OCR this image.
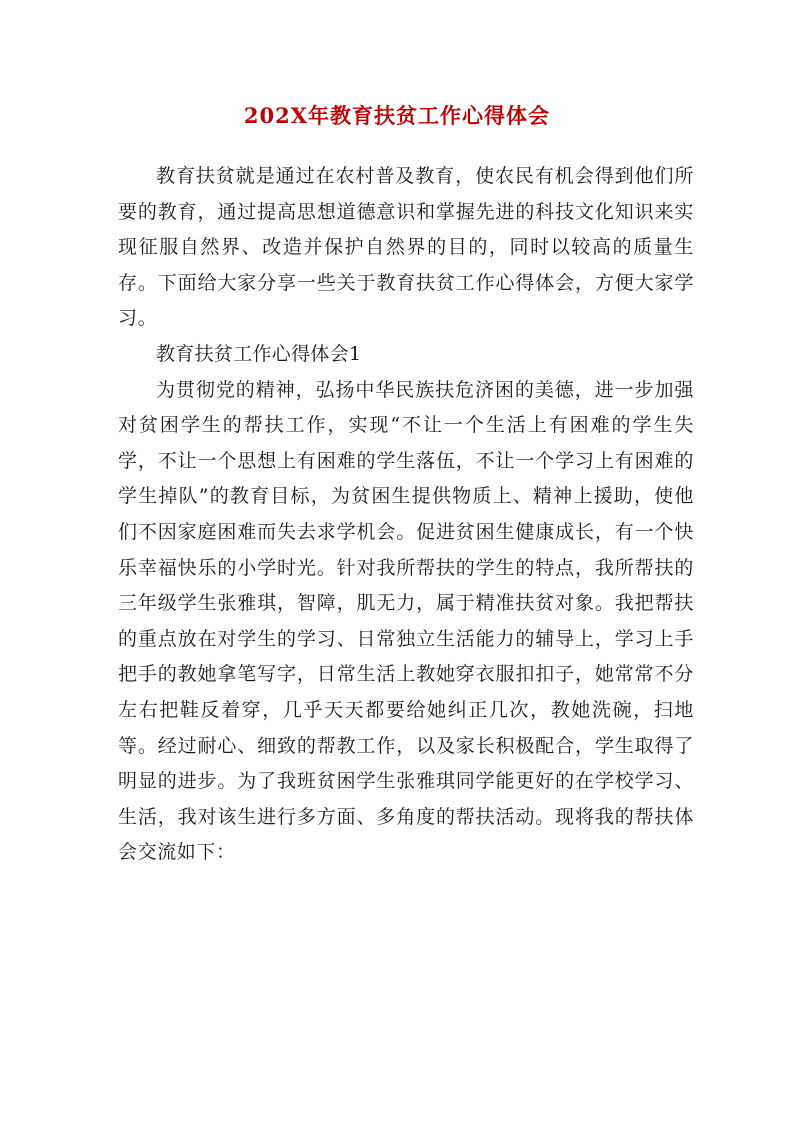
202X年教育扶贫工作心得体会

教育扶贫就是通过在农村普及教育，使农民有机会得到他们所要的教育，通过提高思想道德意识和掌握先进的科技文化知识来实现征服自然界、改造并保护自然界的目的，同时以较高的质量生存。下面给大家分享一些关于教育扶贫工作心得体会，方便大家学习。

教育扶贫工作心得体会1

为贯彻党的精神，弘扬中华民族扶危济困的美德，进一步加强对贫困学生的帮扶工作，实现“不让一个生活上有困难的学生失学，不让一个思想上有困难的学生落伍，不让一个学习上有困难的学生掉队”的教育目标，为贫困生提供物质上、精神上援助，使他们不因家庭困难而失去求学机会。促进贫困生健康成长，有一个快乐幸福快乐的小学时光。针对我所帮扶的学生的特点，我所帮扶的三年级学生张雅琪，智障，肌无力，属于精准扶贫对象。我把帮扶的重点放在对学生的学习、日常独立生活能力的辅导上，学习上手把手的教她拿笔写字，日常生活上教她穿衣服扣扣子，她常常不分左右把鞋反着穿，几乎天天都要给她纠正几次，教她洗碗，扫地等。经过耐心、细致的帮教工作，以及家长积极配合，学生取得了明显的进步。为了我班贫困学生张雅琪同学能更好的在学校学习、生活，我对该生进行多方面、多角度的帮扶活动。现将我的帮扶体会交流如下：
